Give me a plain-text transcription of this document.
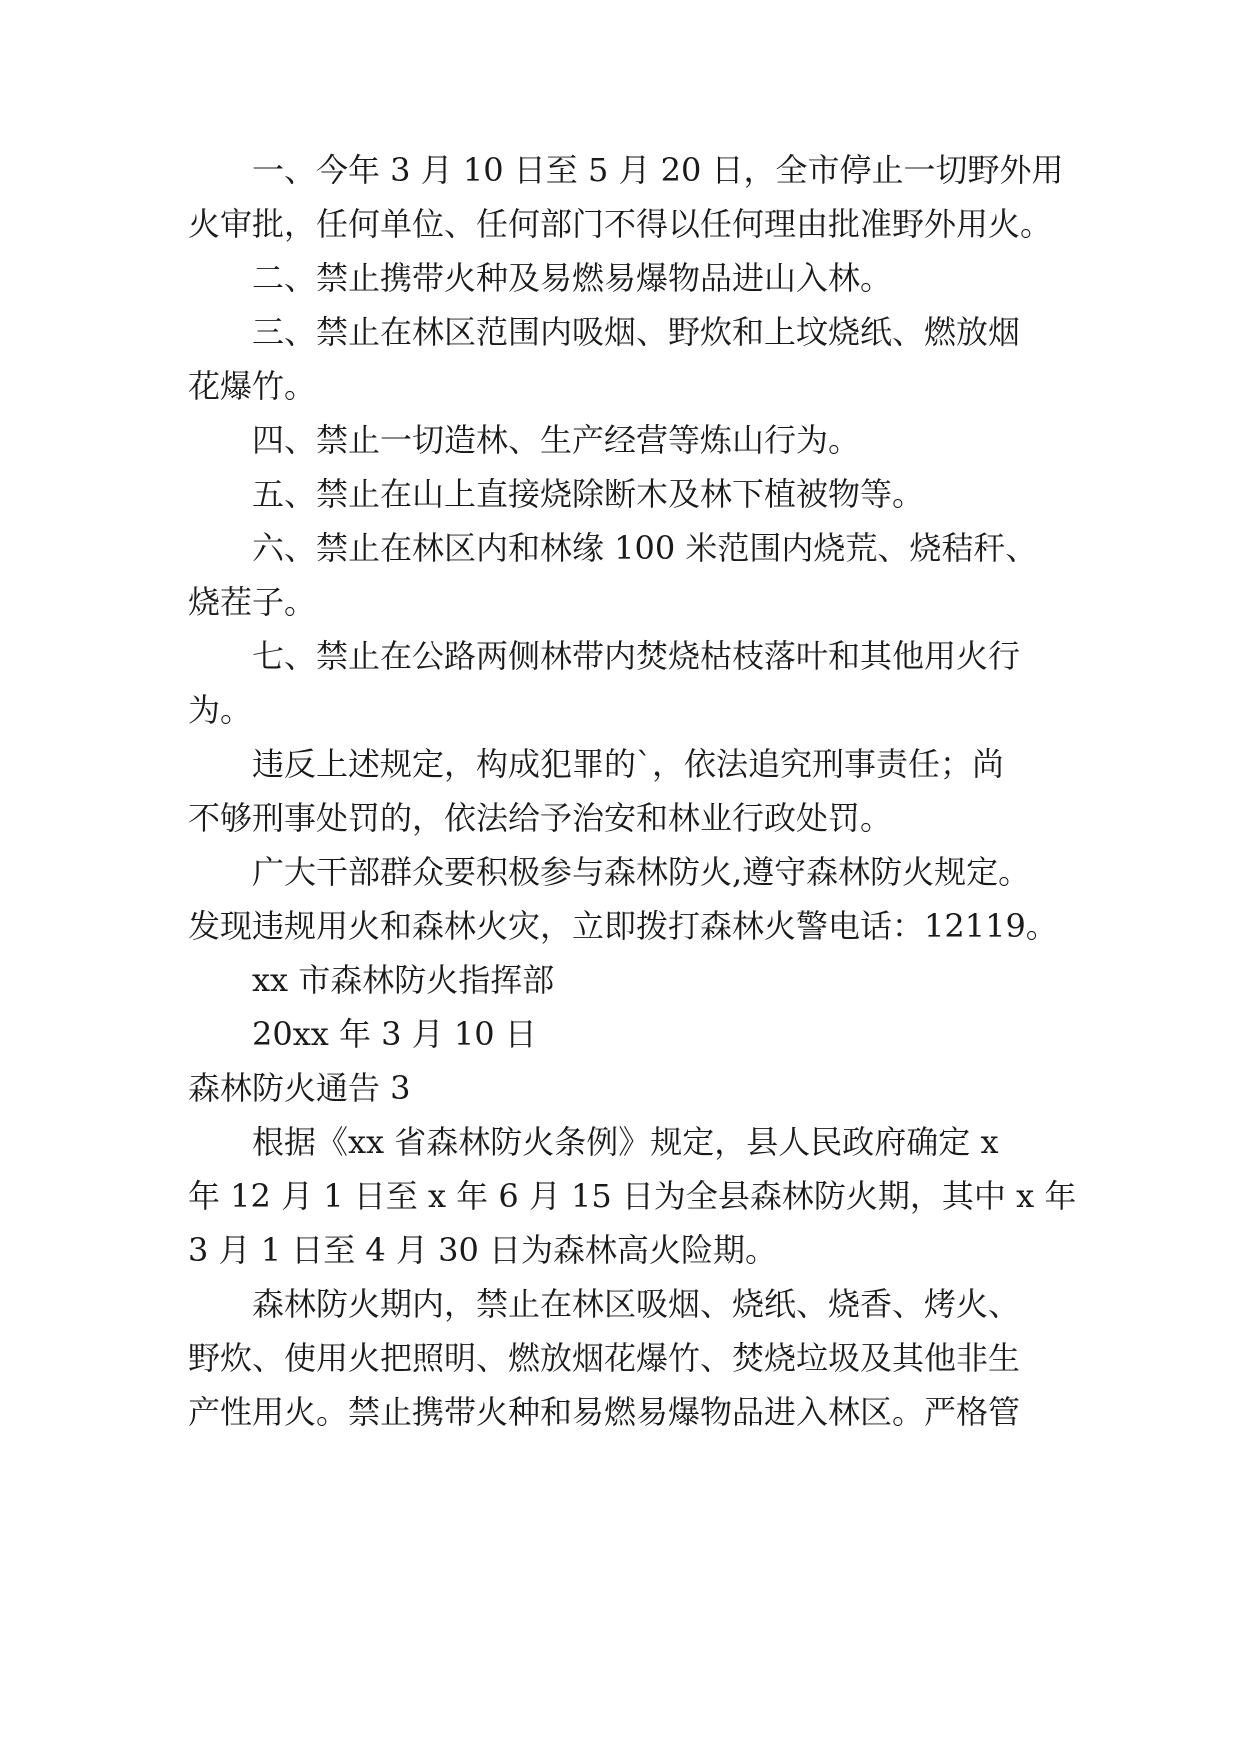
一、今年 3 月 10 日至 5 月 20 日，全市停止一切野外用
火审批，任何单位、任何部门不得以任何理由批准野外用火。
二、禁止携带火种及易燃易爆物品进山入林。
三、禁止在林区范围内吸烟、野炊和上坟烧纸、燃放烟
花爆竹。
四、禁止一切造林、生产经营等炼山行为。
五、禁止在山上直接烧除断木及林下植被物等。
六、禁止在林区内和林缘 100 米范围内烧荒、烧秸秆、
烧茬子。
七、禁止在公路两侧林带内焚烧枯枝落叶和其他用火行
为。
违反上述规定，构成犯罪的`，依法追究刑事责任；尚
不够刑事处罚的，依法给予治安和林业行政处罚。
广大干部群众要积极参与森林防火,遵守森林防火规定。
发现违规用火和森林火灾，立即拨打森林火警电话：12119。
xx 市森林防火指挥部
20xx 年 3 月 10 日
森林防火通告 3
根据《xx 省森林防火条例》规定，县人民政府确定 x
年 12 月 1 日至 x 年 6 月 15 日为全县森林防火期，其中 x 年
3 月 1 日至 4 月 30 日为森林高火险期。
森林防火期内，禁止在林区吸烟、烧纸、烧香、烤火、
野炊、使用火把照明、燃放烟花爆竹、焚烧垃圾及其他非生
产性用火。禁止携带火种和易燃易爆物品进入林区。严格管
